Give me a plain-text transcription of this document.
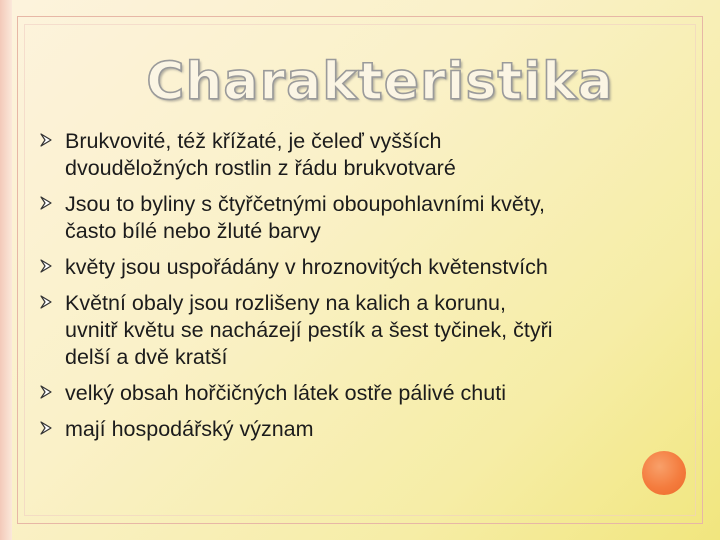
Charakteristika
Brukvovité, též křížaté, je čeleď vyšších
dvouděložných rostlin z řádu brukvotvaré
Jsou to byliny s čtyřčetnými oboupohlavními květy,
často bílé nebo žluté barvy
květy jsou uspořádány v hroznovitých květenstvích
Květní obaly jsou rozlišeny na kalich a korunu,
uvnitř květu se nacházejí pestík a šest tyčinek, čtyři
delší a dvě kratší
velký obsah hořčičných látek ostře pálivé chuti
mají hospodářský význam
